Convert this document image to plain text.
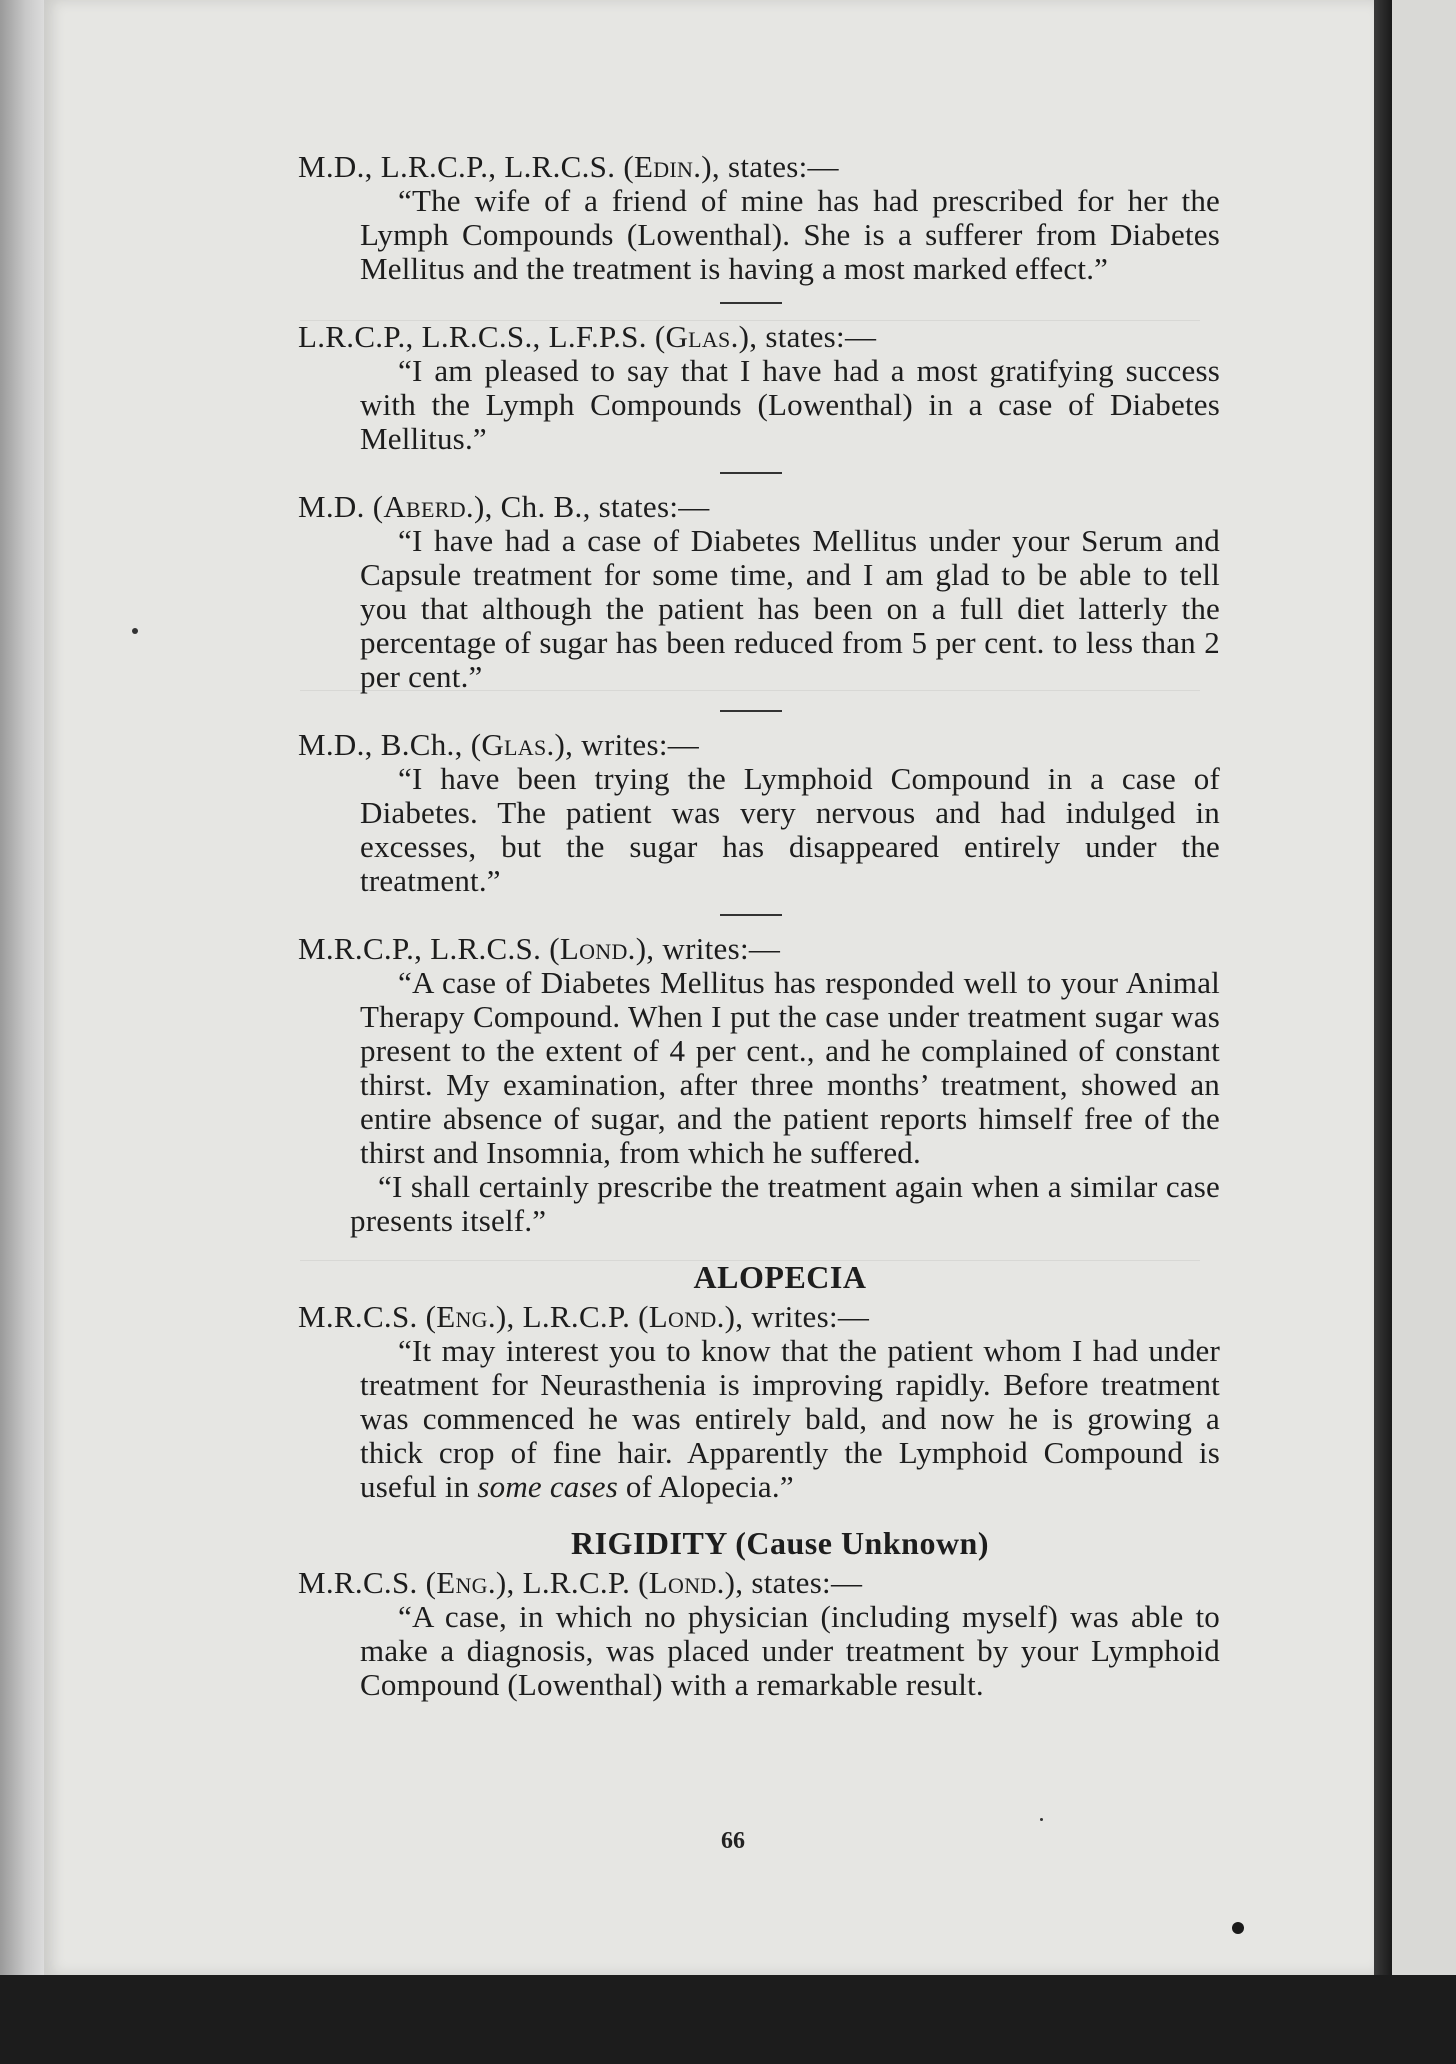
M.D., L.R.C.P., L.R.C.S. (Edin.), states:—

“The wife of a friend of mine has had prescribed for her the Lymph Compounds (Lowenthal). She is a sufferer from Diabetes Mellitus and the treatment is having a most marked effect.”

L.R.C.P., L.R.C.S., L.F.P.S. (Glas.), states:—

“I am pleased to say that I have had a most gratifying success with the Lymph Compounds (Lowenthal) in a case of Diabetes Mellitus.”

M.D. (Aberd.), Ch. B., states:—

“I have had a case of Diabetes Mellitus under your Serum and Capsule treatment for some time, and I am glad to be able to tell you that although the patient has been on a full diet latterly the percentage of sugar has been reduced from 5 per cent. to less than 2 per cent.”

M.D., B.Ch., (Glas.), writes:—

“I have been trying the Lymphoid Compound in a case of Diabetes. The patient was very nervous and had indulged in excesses, but the sugar has disappeared entirely under the treatment.”

M.R.C.P., L.R.C.S. (Lond.), writes:—

“A case of Diabetes Mellitus has responded well to your Animal Therapy Compound. When I put the case under treatment sugar was present to the extent of 4 per cent., and he complained of constant thirst. My examination, after three months’ treatment, showed an entire absence of sugar, and the patient reports himself free of the thirst and Insomnia, from which he suffered.

“I shall certainly prescribe the treatment again when a similar case presents itself.”

ALOPECIA

M.R.C.S. (Eng.), L.R.C.P. (Lond.), writes:—

“It may interest you to know that the patient whom I had under treatment for Neurasthenia is improving rapidly. Before treatment was commenced he was entirely bald, and now he is growing a thick crop of fine hair. Apparently the Lymphoid Compound is useful in some cases of Alopecia.”

RIGIDITY (Cause Unknown)

M.R.C.S. (Eng.), L.R.C.P. (Lond.), states:—

“A case, in which no physician (including myself) was able to make a diagnosis, was placed under treatment by your Lymphoid Compound (Lowenthal) with a remarkable result.

66
